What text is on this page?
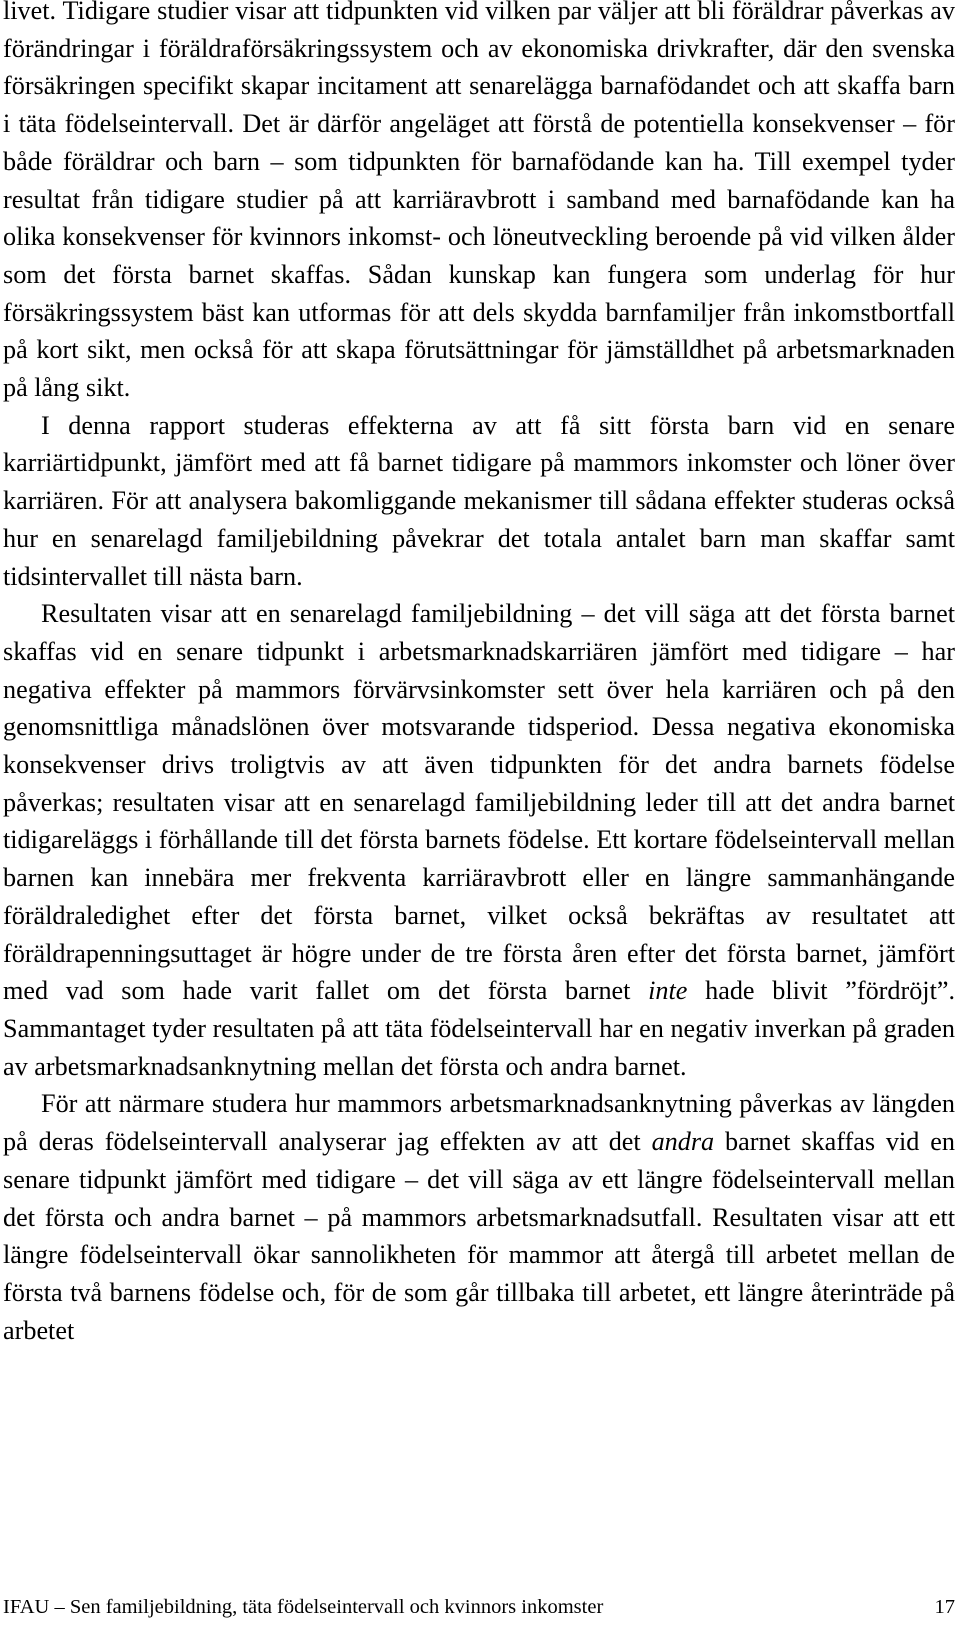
livet. Tidigare studier visar att tidpunkten vid vilken par väljer att bli föräldrar påverkas av förändringar i föräldraförsäkringssystem och av ekonomiska drivkrafter, där den svenska försäkringen specifikt skapar incitament att senarelägga barnafödandet och att skaffa barn i täta födelseintervall. Det är därför angeläget att förstå de potentiella konsekvenser – för både föräldrar och barn – som tidpunkten för barnafödande kan ha. Till exempel tyder resultat från tidigare studier på att karriäravbrott i samband med barnafödande kan ha olika konsekvenser för kvinnors inkomst- och löneutveckling beroende på vid vilken ålder som det första barnet skaffas. Sådan kunskap kan fungera som underlag för hur försäkringssystem bäst kan utformas för att dels skydda barnfamiljer från inkomstbortfall på kort sikt, men också för att skapa förutsättningar för jämställdhet på arbetsmarknaden på lång sikt.

I denna rapport studeras effekterna av att få sitt första barn vid en senare karriärtidpunkt, jämfört med att få barnet tidigare på mammors inkomster och löner över karriären. För att analysera bakomliggande mekanismer till sådana effekter studeras också hur en senarelagd familjebildning påvekrar det totala antalet barn man skaffar samt tidsintervallet till nästa barn.

Resultaten visar att en senarelagd familjebildning – det vill säga att det första barnet skaffas vid en senare tidpunkt i arbetsmarknadskarriären jämfört med tidigare – har negativa effekter på mammors förvärvsinkomster sett över hela karriären och på den genomsnittliga månadslönen över motsvarande tidsperiod. Dessa negativa ekonomiska konsekvenser drivs troligtvis av att även tidpunkten för det andra barnets födelse påverkas; resultaten visar att en senarelagd familjebildning leder till att det andra barnet tidigareläggs i förhållande till det första barnets födelse. Ett kortare födelseintervall mellan barnen kan innebära mer frekventa karriäravbrott eller en längre sammanhängande föräldraledighet efter det första barnet, vilket också bekräftas av resultatet att föräldrapenningsuttaget är högre under de tre första åren efter det första barnet, jämfört med vad som hade varit fallet om det första barnet inte hade blivit ”fördröjt”. Sammantaget tyder resultaten på att täta födelseintervall har en negativ inverkan på graden av arbetsmarknadsanknytning mellan det första och andra barnet.

För att närmare studera hur mammors arbetsmarknadsanknytning påverkas av längden på deras födelseintervall analyserar jag effekten av att det andra barnet skaffas vid en senare tidpunkt jämfört med tidigare – det vill säga av ett längre födelseintervall mellan det första och andra barnet – på mammors arbetsmarknadsutfall. Resultaten visar att ett längre födelseintervall ökar sannolikheten för mammor att återgå till arbetet mellan de första två barnens födelse och, för de som går tillbaka till arbetet, ett längre återinträde på arbetet

IFAU – Sen familjebildning, täta födelseintervall och kvinnors inkomster	17
